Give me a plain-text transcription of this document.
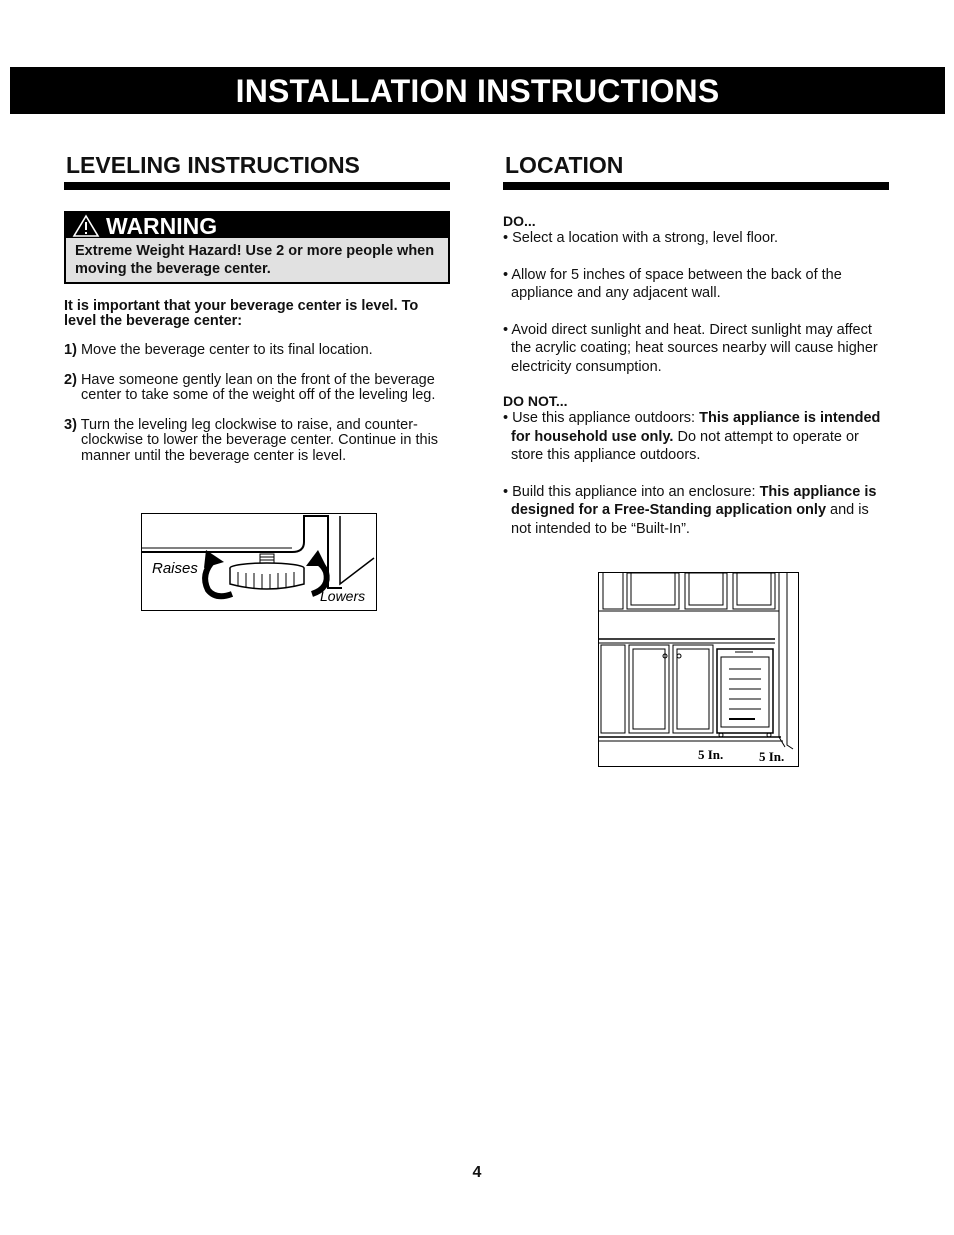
INSTALLATION INSTRUCTIONS
LEVELING INSTRUCTIONS
WARNING
Extreme Weight Hazard! Use 2 or more people when moving the beverage center.
It is important that your beverage center is level. To level the beverage center:
1) Move the beverage center to its final location.
2) Have someone gently lean on the front of the beverage center to take some of the weight off of the leveling leg.
3) Turn the leveling leg clockwise to raise, and counter-clockwise to lower the beverage center. Continue in this manner until the beverage center is level.
Raises
Lowers
LOCATION
DO...
• Select a location with a strong, level floor.
• Allow for 5 inches of space between the back of the appliance and any adjacent wall.
• Avoid direct sunlight and heat. Direct sunlight may affect the acrylic coating; heat sources nearby will cause higher electricity consumption.
DO NOT...
• Use this appliance outdoors: This appliance is intended for household use only. Do not attempt to operate or store this appliance outdoors.
• Build this appliance into an enclosure: This appliance is designed for a Free-Standing application only and is not intended to be “Built-In”.
5 In.	5 In.
4
